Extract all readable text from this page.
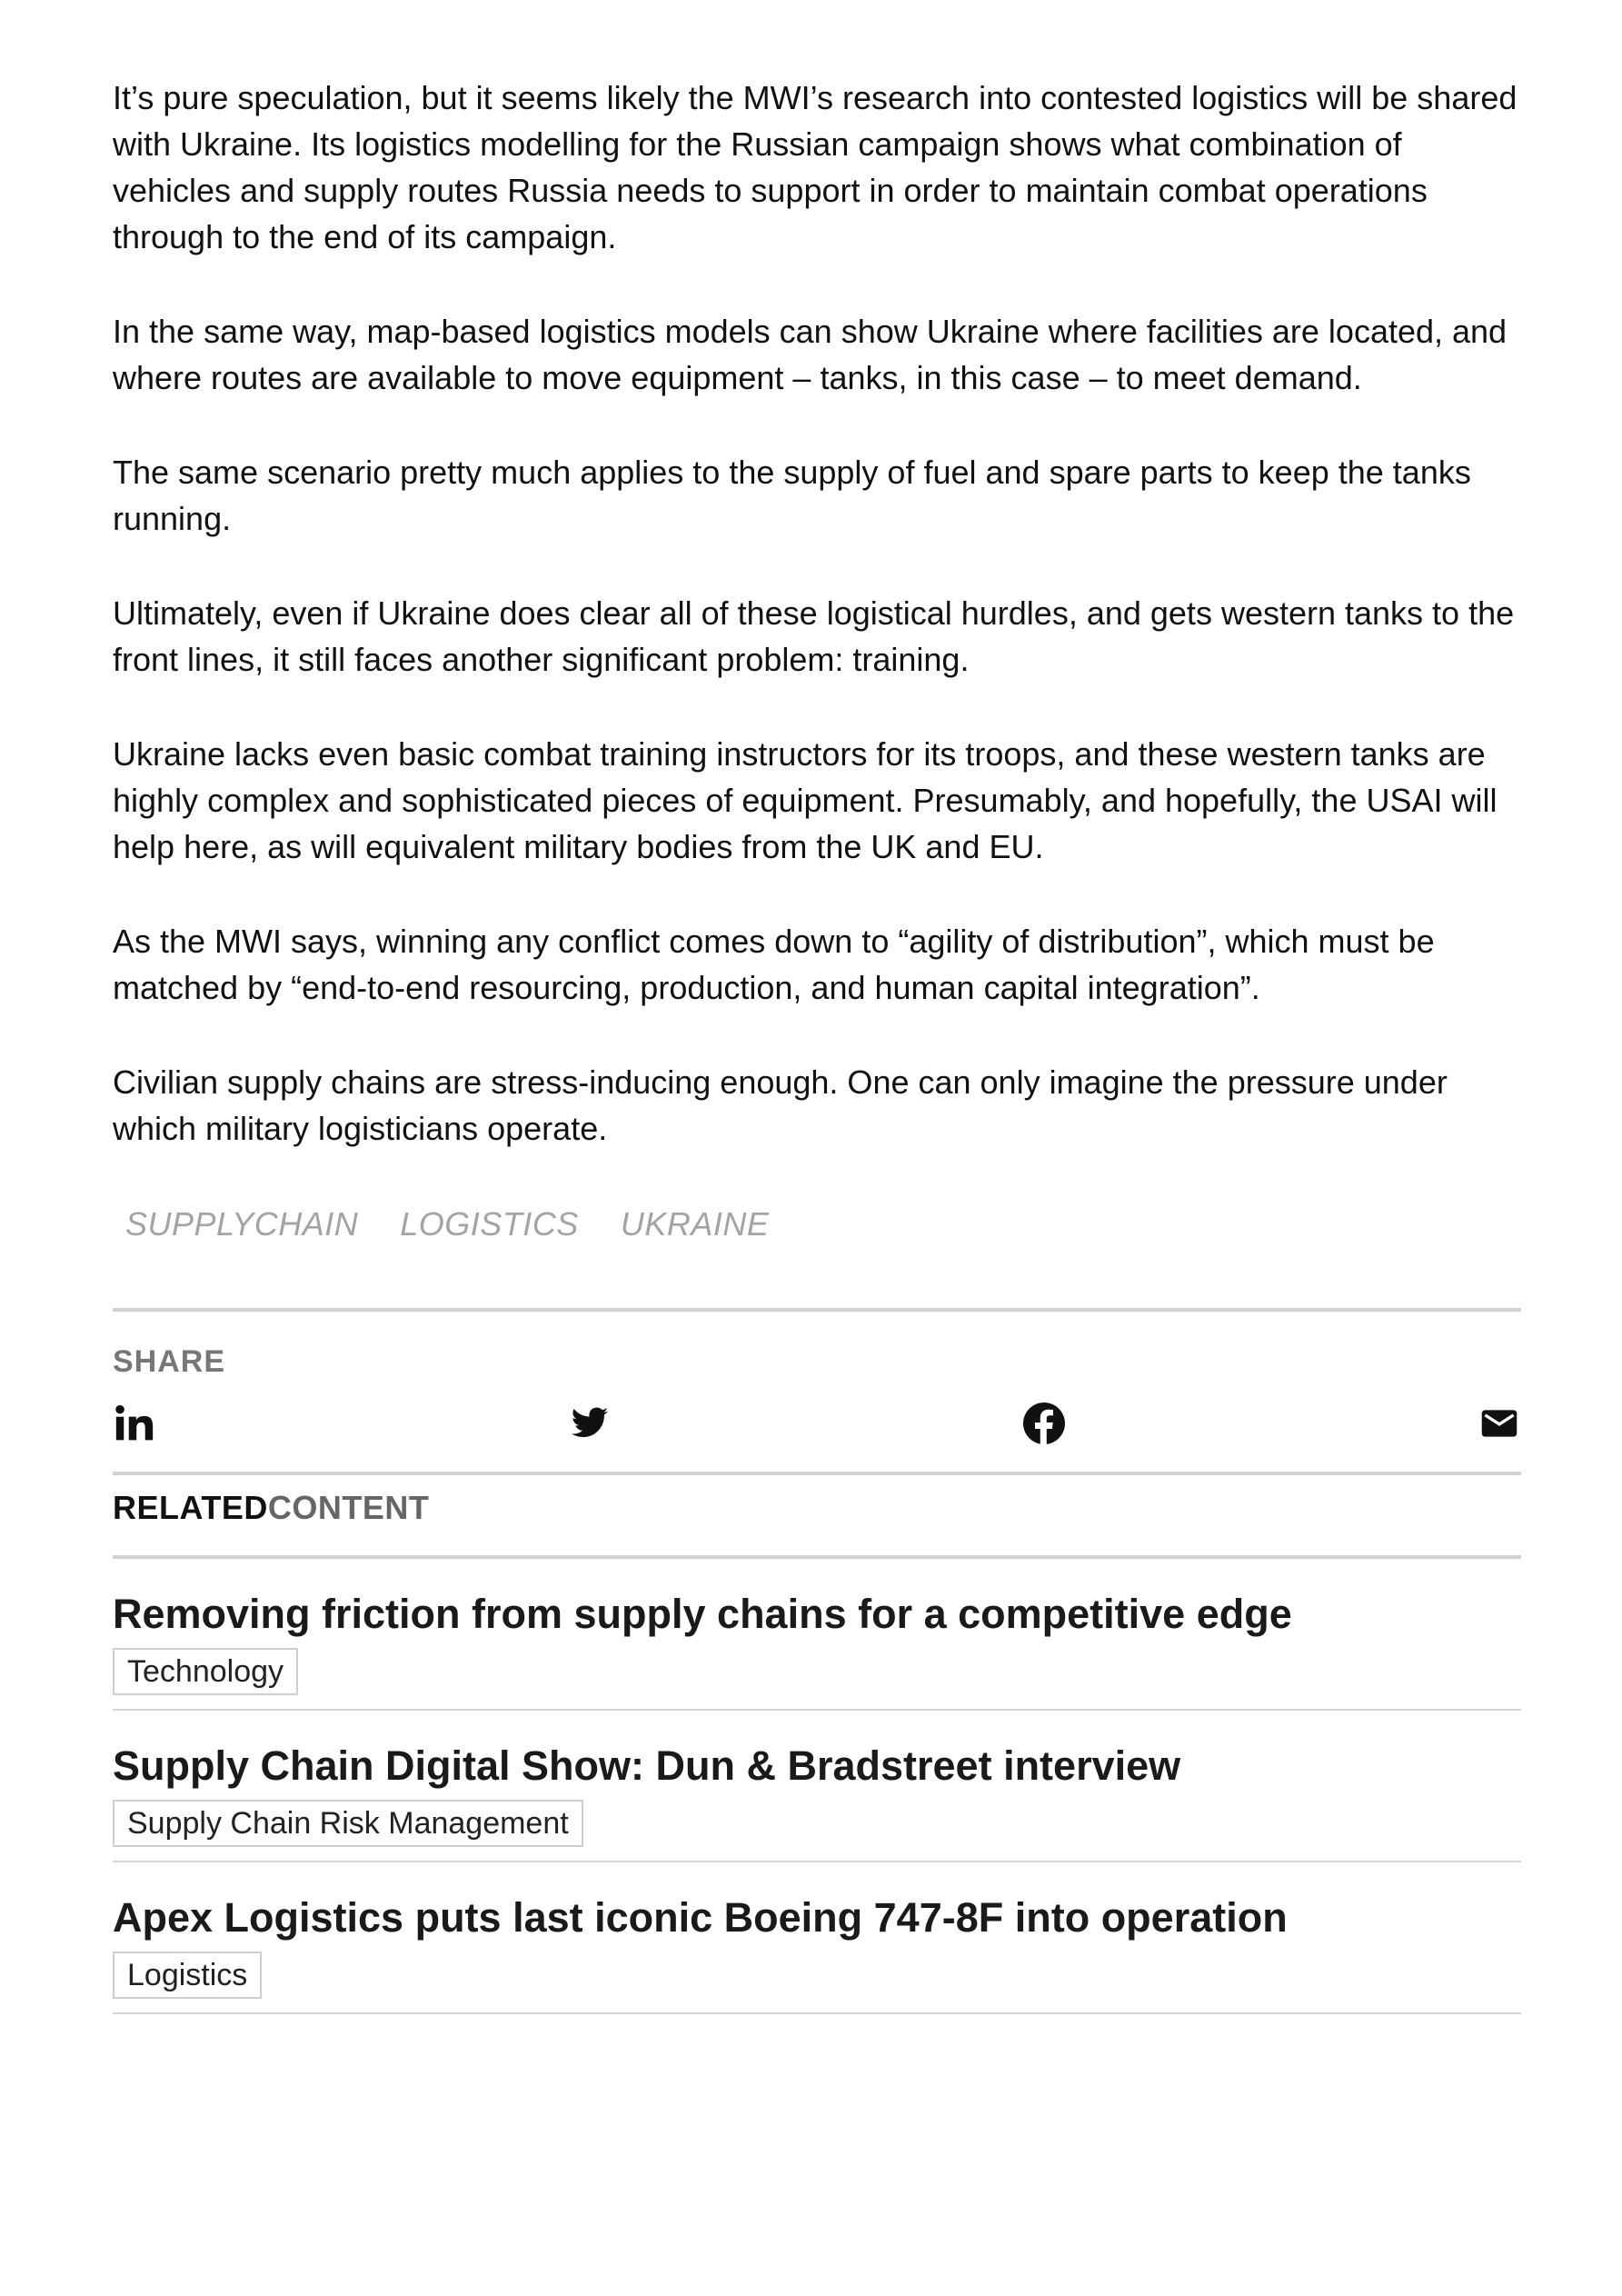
It’s pure speculation, but it seems likely the MWI’s research into contested logistics will be shared with Ukraine. Its logistics modelling for the Russian campaign shows what combination of vehicles and supply routes Russia needs to support in order to maintain combat operations through to the end of its campaign.

In the same way, map-based logistics models can show Ukraine where facilities are located, and where routes are available to move equipment – tanks, in this case – to meet demand.

The same scenario pretty much applies to the supply of fuel and spare parts to keep the tanks running.

Ultimately, even if Ukraine does clear all of these logistical hurdles, and gets western tanks to the front lines, it still faces another significant problem: training.

Ukraine lacks even basic combat training instructors for its troops, and these western tanks are highly complex and sophisticated pieces of equipment. Presumably, and hopefully, the USAI will help here, as will equivalent military bodies from the UK and EU.

As the MWI says, winning any conflict comes down to “agility of distribution”, which must be matched by “end-to-end resourcing, production, and human capital integration”.

Civilian supply chains are stress-inducing enough. One can only imagine the pressure under which military logisticians operate.

SUPPLYCHAIN LOGISTICS UKRAINE
SHARE
RELATEDCONTENT
Removing friction from supply chains for a competitive edge
Technology
Supply Chain Digital Show: Dun & Bradstreet interview
Supply Chain Risk Management
Apex Logistics puts last iconic Boeing 747-8F into operation
Logistics
